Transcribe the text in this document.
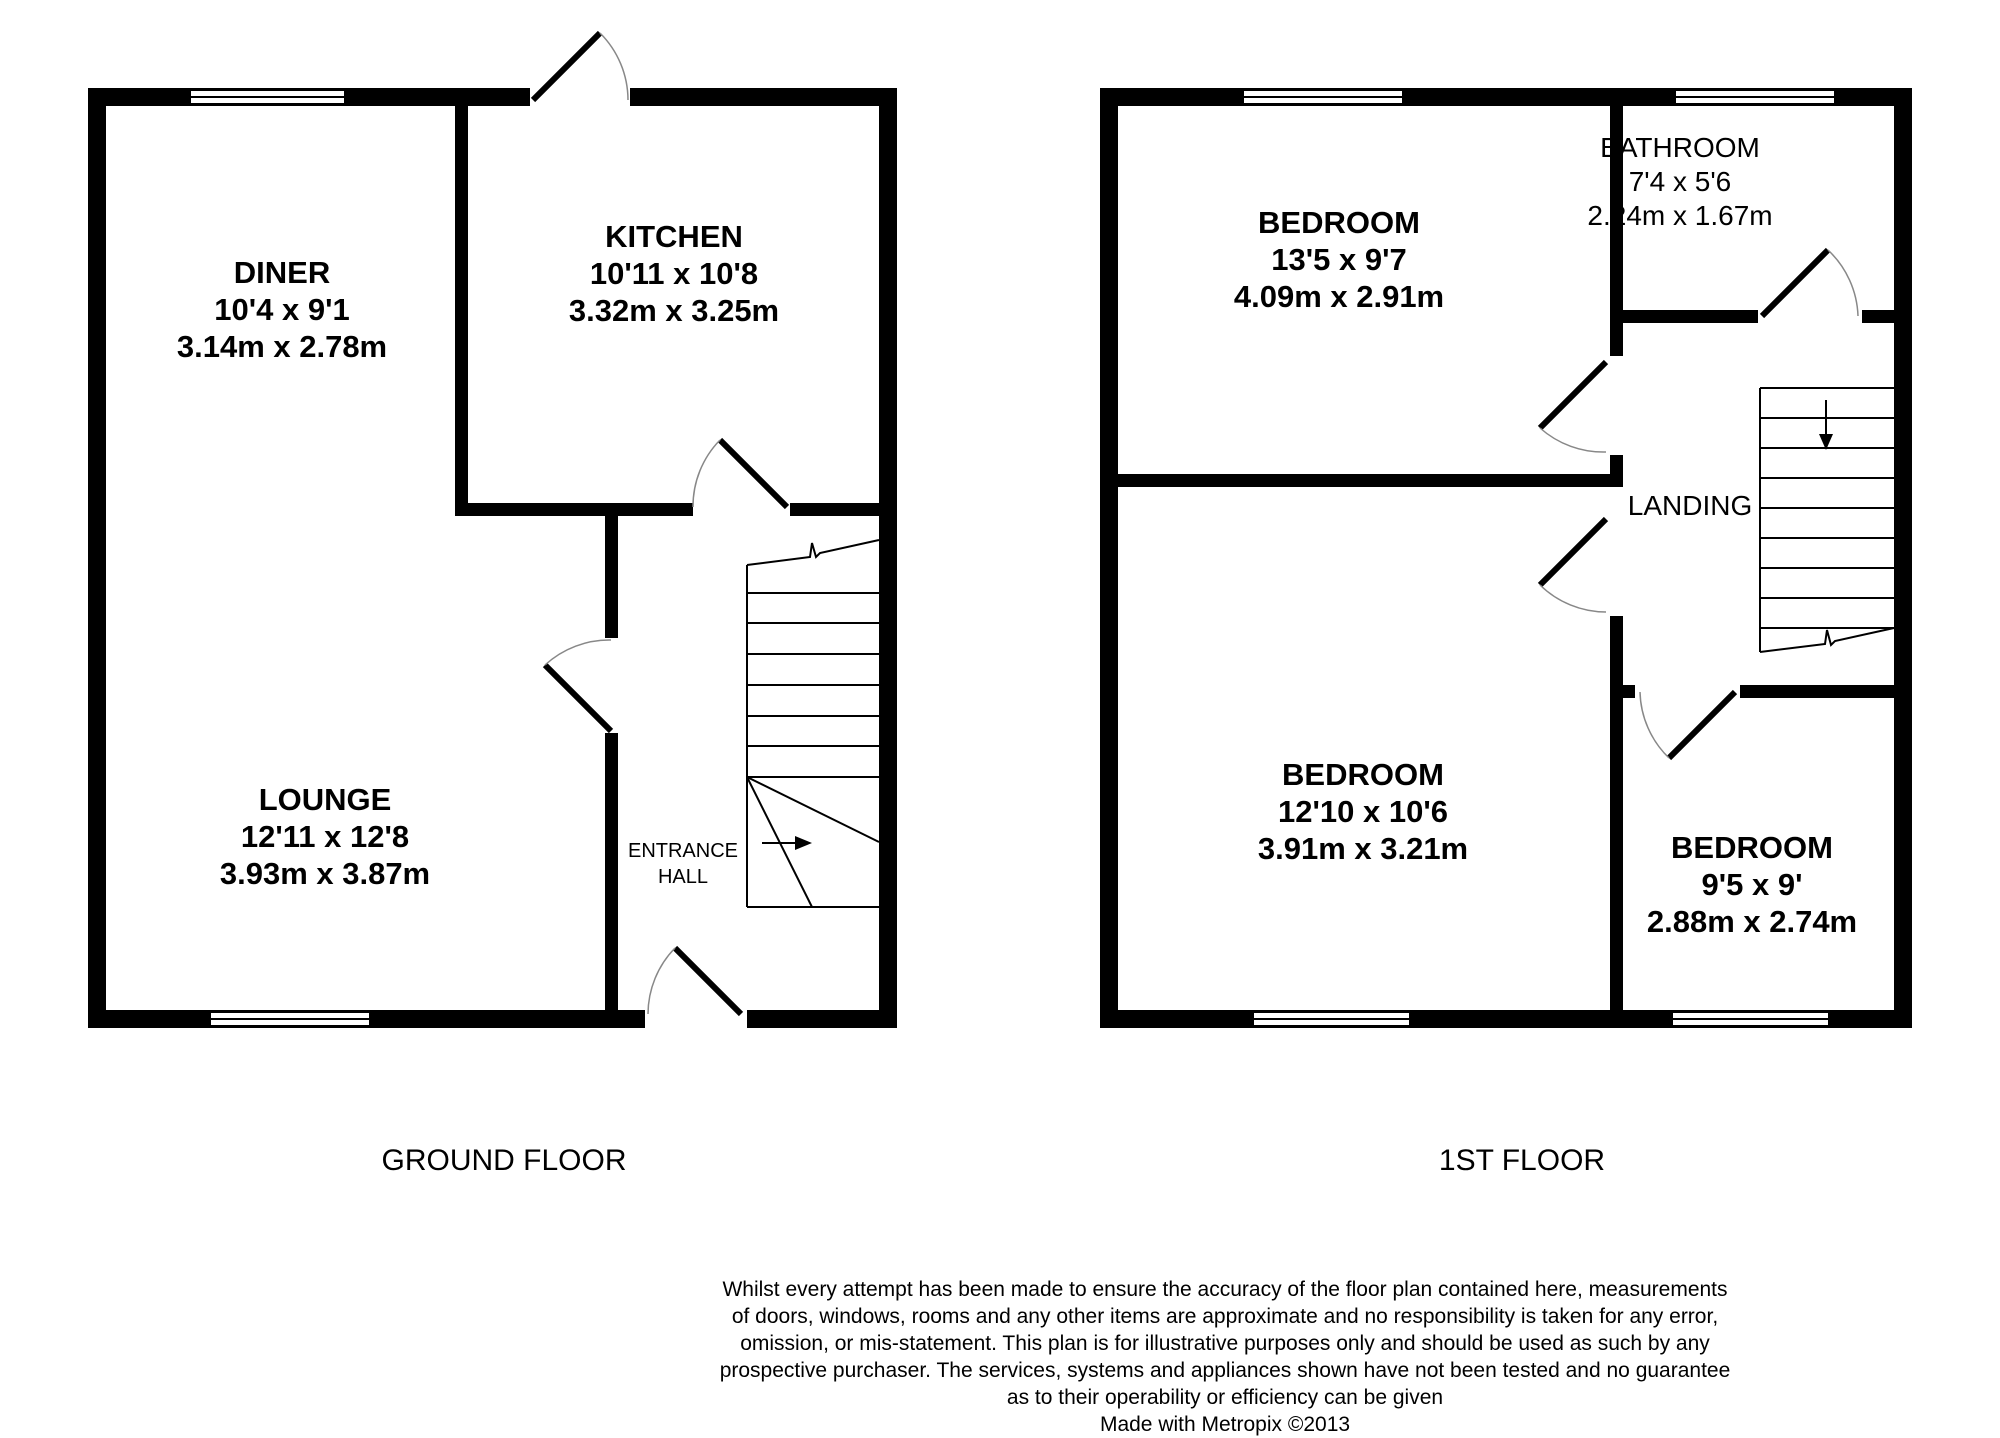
DINER
10'4 x 9'1
3.14m x 2.78m
KITCHEN
10'11 x 10'8
3.32m x 3.25m
LOUNGE
12'11 x 12'8
3.93m x 3.87m
ENTRANCE
HALL
GROUND FLOOR
BEDROOM
13'5 x 9'7
4.09m x 2.91m
BATHROOM
7'4 x 5'6
2.24m x 1.67m
LANDING
BEDROOM
12'10 x 10'6
3.91m x 3.21m	BEDROOM
9'5 x 9'
2.88m x 2.74m
1ST FLOOR

Whilst every attempt has been made to ensure the accuracy of the floor plan contained here, measurements
of doors, windows, rooms and any other items are approximate and no responsibility is taken for any error,
omission, or mis-statement. This plan is for illustrative purposes only and should be used as such by any
prospective purchaser. The services, systems and appliances shown have not been tested and no guarantee
as to their operability or efficiency can be given
Made with Metropix ©2013
